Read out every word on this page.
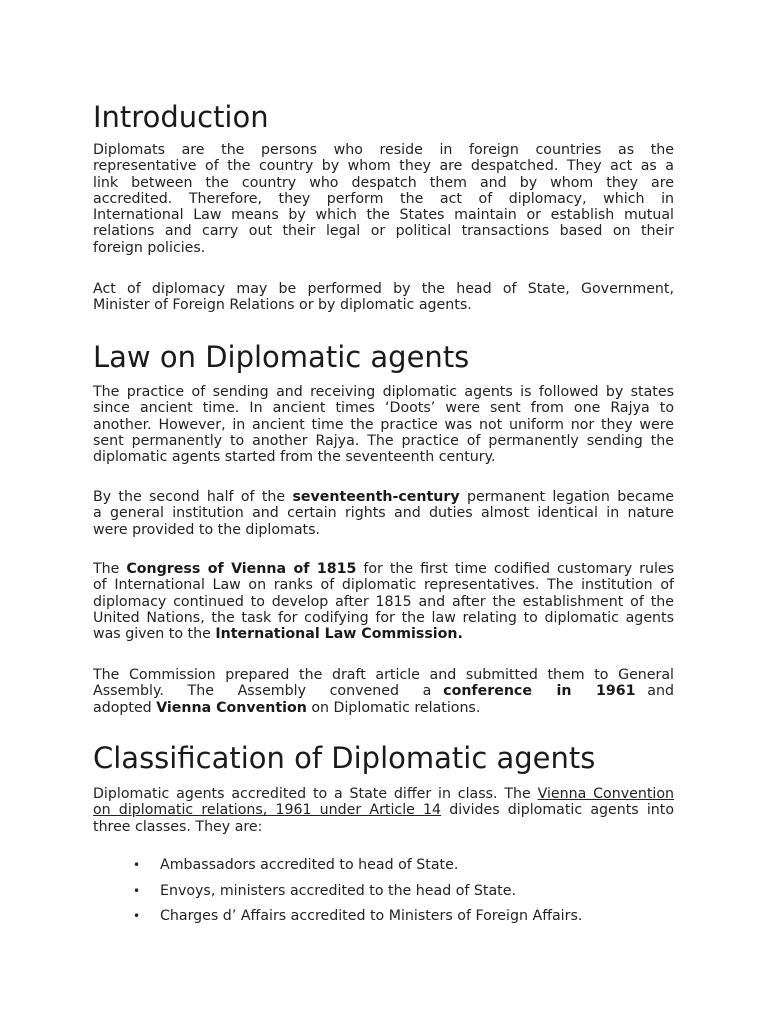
Introduction
Diplomats are the persons who reside in foreign countries as the
representative of the country by whom they are despatched. They act as a
link between the country who despatch them and by whom they are
accredited. Therefore, they perform the act of diplomacy, which in
International Law means by which the States maintain or establish mutual
relations and carry out their legal or political transactions based on their
foreign policies.
Act of diplomacy may be performed by the head of State, Government,
Minister of Foreign Relations or by diplomatic agents.
Law on Diplomatic agents
The practice of sending and receiving diplomatic agents is followed by states
since ancient time. In ancient times ‘Doots’ were sent from one Rajya to
another. However, in ancient time the practice was not uniform nor they were
sent permanently to another Rajya. The practice of permanently sending the
diplomatic agents started from the seventeenth century.
By the second half of the seventeenth-century permanent legation became
a general institution and certain rights and duties almost identical in nature
were provided to the diplomats.
The Congress of Vienna of 1815 for the first time codified customary rules
of International Law on ranks of diplomatic representatives. The institution of
diplomacy continued to develop after 1815 and after the establishment of the
United Nations, the task for codifying for the law relating to diplomatic agents
was given to the International Law Commission.
The Commission prepared the draft article and submitted them to General
Assembly.  The  Assembly  convened  a conference  in  1961 and
adopted Vienna Convention on Diplomatic relations.
Classification of Diplomatic agents
Diplomatic agents accredited to a State differ in class. The Vienna Convention
on diplomatic relations, 1961 under Article 14 divides diplomatic agents into
three classes. They are:
• Ambassadors accredited to head of State.
• Envoys, ministers accredited to the head of State.
• Charges d’ Affairs accredited to Ministers of Foreign Affairs.
